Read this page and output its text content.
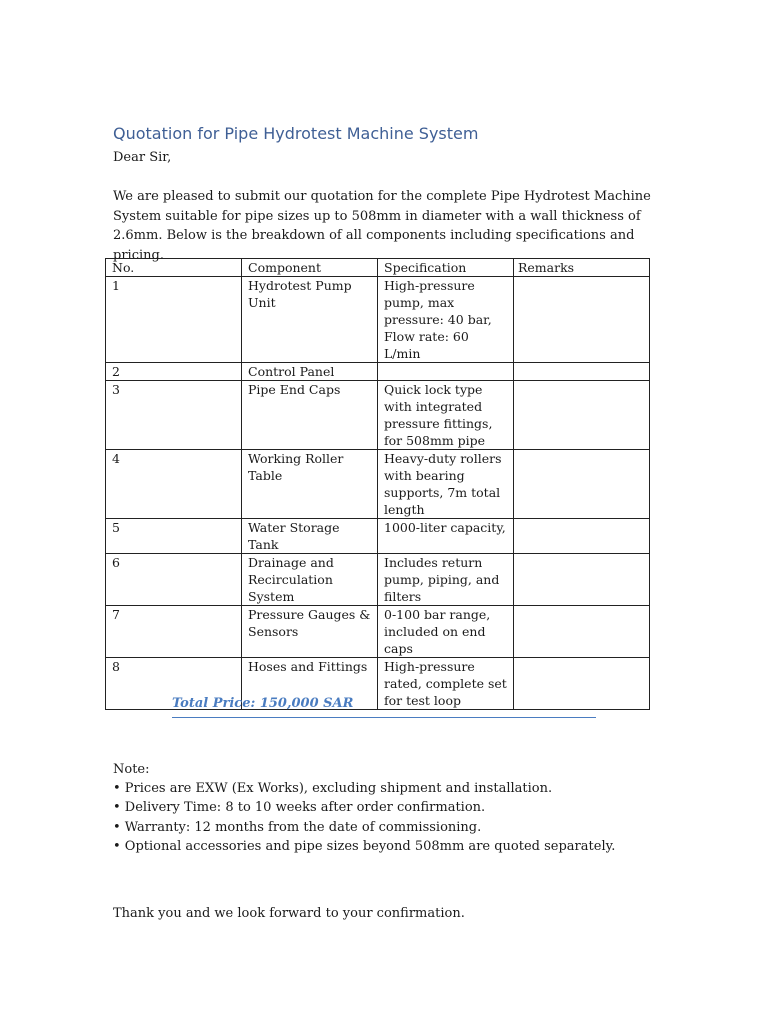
Quotation for Pipe Hydrotest Machine System
Dear Sir,
We are pleased to submit our quotation for the complete Pipe Hydrotest Machine System suitable for pipe sizes up to 508mm in diameter with a wall thickness of 2.6mm. Below is the breakdown of all components including specifications and pricing.
No.	Component	Specification	Remarks
1	Hydrotest Pump Unit	High-pressure pump, max pressure: 40 bar, Flow rate: 60 L/min	
2	Control Panel		
3	Pipe End Caps	Quick lock type with integrated pressure fittings, for 508mm pipe	
4	Working Roller Table	Heavy-duty rollers with bearing supports, 7m total length	
5	Water Storage Tank	1000-liter capacity,	
6	Drainage and Recirculation System	Includes return pump, piping, and filters	
7	Pressure Gauges & Sensors	0-100 bar range, included on end caps	
8	Hoses and Fittings	High-pressure rated, complete set for test loop	
Total Price: 150,000 SAR
Note:
• Prices are EXW (Ex Works), excluding shipment and installation.
• Delivery Time: 8 to 10 weeks after order confirmation.
• Warranty: 12 months from the date of commissioning.
• Optional accessories and pipe sizes beyond 508mm are quoted separately.
Thank you and we look forward to your confirmation.
